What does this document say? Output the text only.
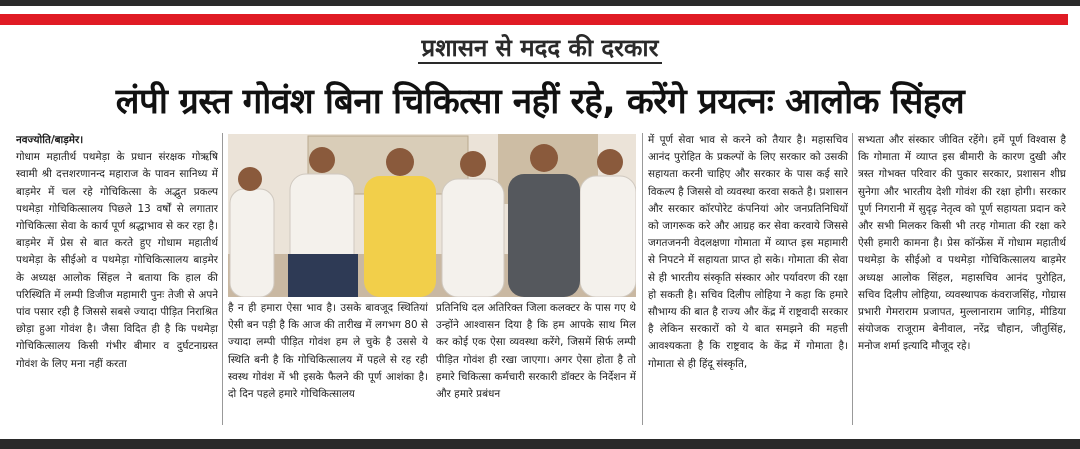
प्रशासन से मदद की दरकार
लंपी ग्रस्त गोवंश बिना चिकित्सा नहीं रहे, करेंगे प्रयत्नः आलोक सिंहल
नवज्योति/बाड़मेर।
गोधाम महातीर्थ पथमेड़ा के प्रधान संरक्षक गोऋषि स्वामी श्री दत्तशरणानन्द महाराज के पावन सानिध्य में बाड़मेर में चल रहे गोचिकित्सा के अद्भुत प्रकल्प पथमेड़ा गोचिकित्सालय पिछले 13 वर्षों से लगातार गोचिकित्सा सेवा के कार्य पूर्ण श्रद्धाभाव से कर रहा है। बाड़मेर में प्रेस से बात करते हुए गोधाम महातीर्थ पथमेड़ा के सीईओ व पथमेड़ा गोचिकित्सालय बाड़मेर के अध्यक्ष आलोक सिंहल ने बताया कि हाल की परिस्थिति में लम्पी डिजीज महामारी पुनः तेजी से अपने पांव पसार रही है जिससे सबसे ज्यादा पीड़ित निराश्रित छोड़ा हुआ गोवंश है। जैसा विदित ही है कि पथमेड़ा गोचिकित्सालय किसी गंभीर बीमार व दुर्घटनाग्रस्त गोवंश के लिए मना नहीं करता
है न ही हमारा ऐसा भाव है। उसके बावजूद स्थितियां ऐसी बन पड़ी है कि आज की तारीख में लगभग 80 से ज्यादा लम्पी पीड़ित गोवंश हम ले चुके है उससे ये स्थिति बनी है कि गोचिकित्सालय में पहले से रह रही स्वस्थ गोवंश में भी इसके फैलने की पूर्ण आशंका है। दो दिन पहले हमारे गोचिकित्सालय
प्रतिनिधि दल अतिरिक्त जिला कलक्टर के पास गए थे उन्होंने आश्वासन दिया है कि हम आपके साथ मिल कर कोई एक ऐसा व्यवस्था करेंगे, जिसमें सिर्फ लम्पी पीड़ित गोवंश ही रखा जाएगा। अगर ऐसा होता है तो हमारे चिकित्सा कर्मचारी सरकारी डॉक्टर के निर्देशन में और हमारे प्रबंधन
में पूर्ण सेवा भाव से करने को तैयार है। महासचिव आनंद पुरोहित के प्रकल्पों के लिए सरकार को उसकी सहायता करनी चाहिए और सरकार के पास कई सारे विकल्प है जिससे वो व्यवस्था करवा सकते है। प्रशासन और सरकार कॉरपोरेट कंपनियां ओर जनप्रतिनिधियों को जागरूक करे और आग्रह कर सेवा करवाये जिससे जगतजननी वेदलक्षणा गोमाता में व्याप्त इस महामारी से निपटने में सहायता प्राप्त हो सके। गोमाता की सेवा से ही भारतीय संस्कृति संस्कार ओर पर्यावरण की रक्षा हो सकती है। सचिव दिलीप लोहिया ने कहा कि हमारे सौभाग्य की बात है राज्य और केंद्र में राष्ट्रवादी सरकार है लेकिन सरकारों को ये बात समझने की महत्ती आवश्यकता है कि राष्ट्रवाद के केंद्र में गोमाता है। गोमाता से ही हिंदू संस्कृति,
सभ्यता और संस्कार जीवित रहेंगे। हमें पूर्ण विश्वास है कि गोमाता में व्याप्त इस बीमारी के कारण दुखी और त्रस्त गोभक्त परिवार की पुकार सरकार, प्रशासन शीघ्र सुनेगा और भारतीय देशी गोवंश की रक्षा होगी। सरकार पूर्ण निगरानी में सुदृढ़ नेतृत्व को पूर्ण सहायता प्रदान करे और सभी मिलकर किसी भी तरह गोमाता की रक्षा करे ऐसी हमारी कामना है। प्रेस कॉन्फ्रेंस में गोधाम महातीर्थ पथमेड़ा के सीईओ व पथमेड़ा गोचिकित्सालय बाड़मेर अध्यक्ष आलोक सिंहल, महासचिव आनंद पुरोहित, सचिव दिलीप लोहिया, व्यवस्थापक कंवराजसिंह, गोग्रास प्रभारी गेमराराम प्रजापत, मुल्लानाराम जागिड़, मीडिया संयोजक राजूराम बेनीवाल, नरेंद्र चौहान, जीतुसिंह, मनोज शर्मा इत्यादि मौजूद रहे।
